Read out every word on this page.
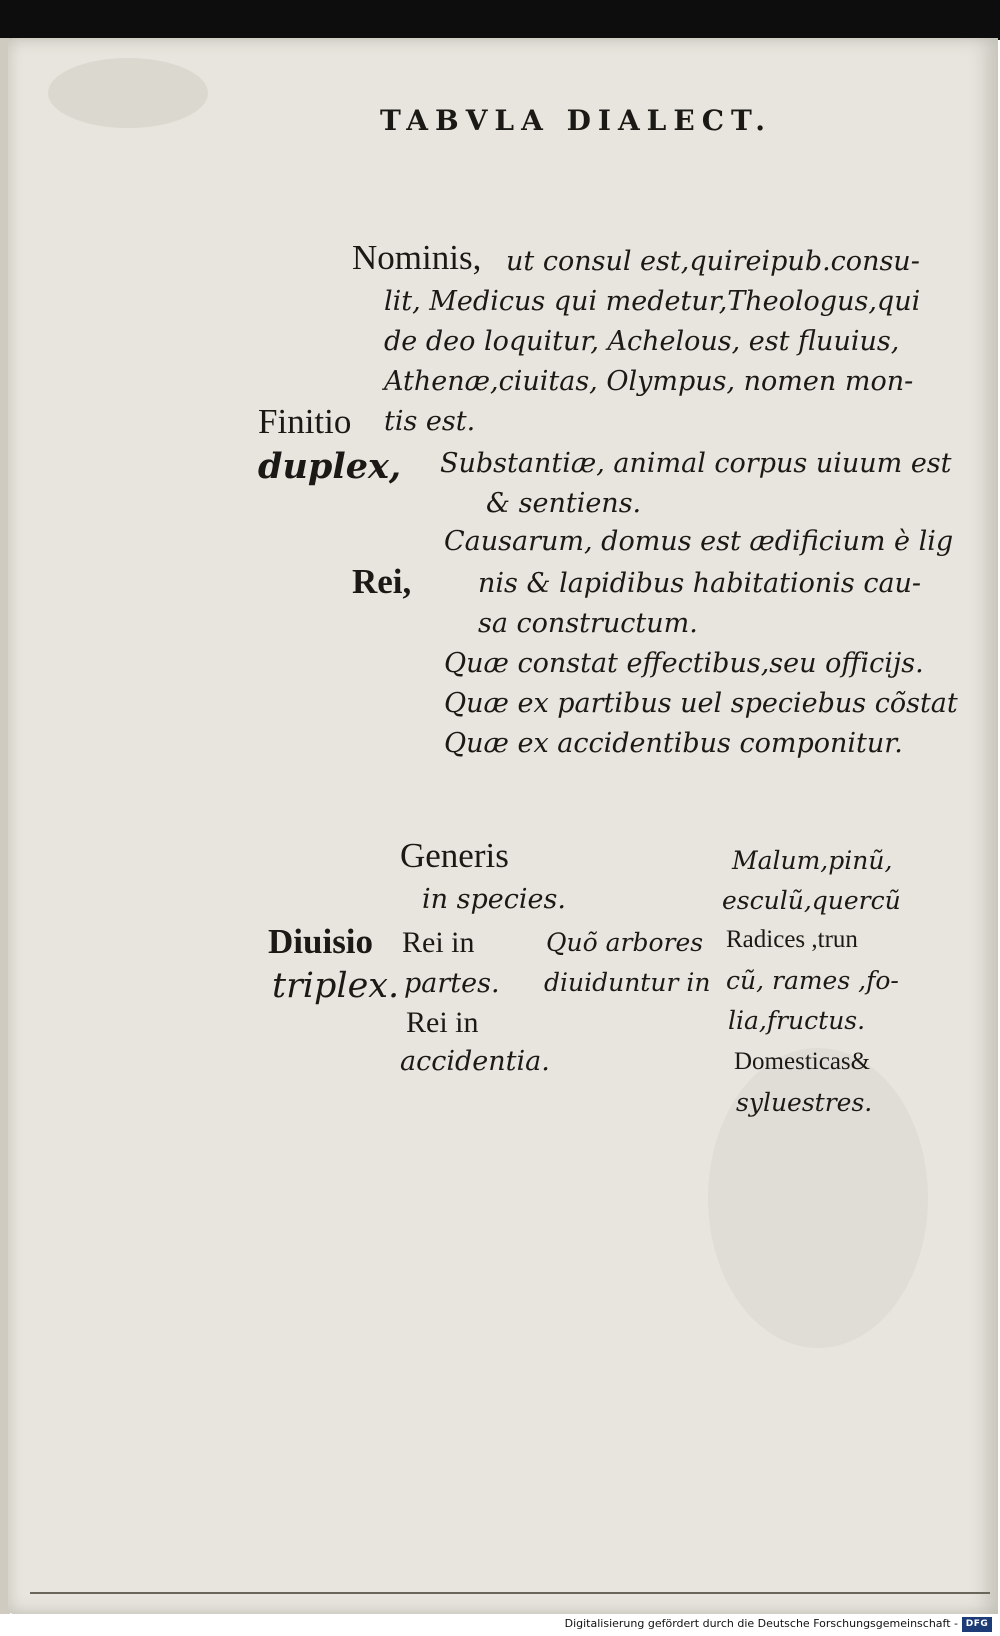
TABVLA DIALECT.
Nominis, ut consul est,quireipub.consu-
lit, Medicus qui medetur,Theologus,qui
de deo loquitur, Achelous, est fluuius,
Athenæ,ciuitas, Olympus, nomen mon-
tis est.
Finitio
duplex, Substantiæ, animal corpus uiuum est
& sentiens.
Causarum, domus est ædificium è lig
Rei, nis & lapidibus habitationis cau-
sa constructum.
Quæ constat effectibus,seu officijs.
Quæ ex partibus uel speciebus cõstat
Quæ ex accidentibus componitur.
Generis
in species.
Diuisio
triplex.
Rei in
partes.
Rei in
accidentia.
Quõ arbores
diuiduntur in
Malum,pinũ,
esculũ,quercũ
Radices ,trun
cũ, rames ,fo-
lia,fructus.
Domesticas&
syluestres.
Digitalisierung gefördert durch die Deutsche Forschungsgemeinschaft - DFG
